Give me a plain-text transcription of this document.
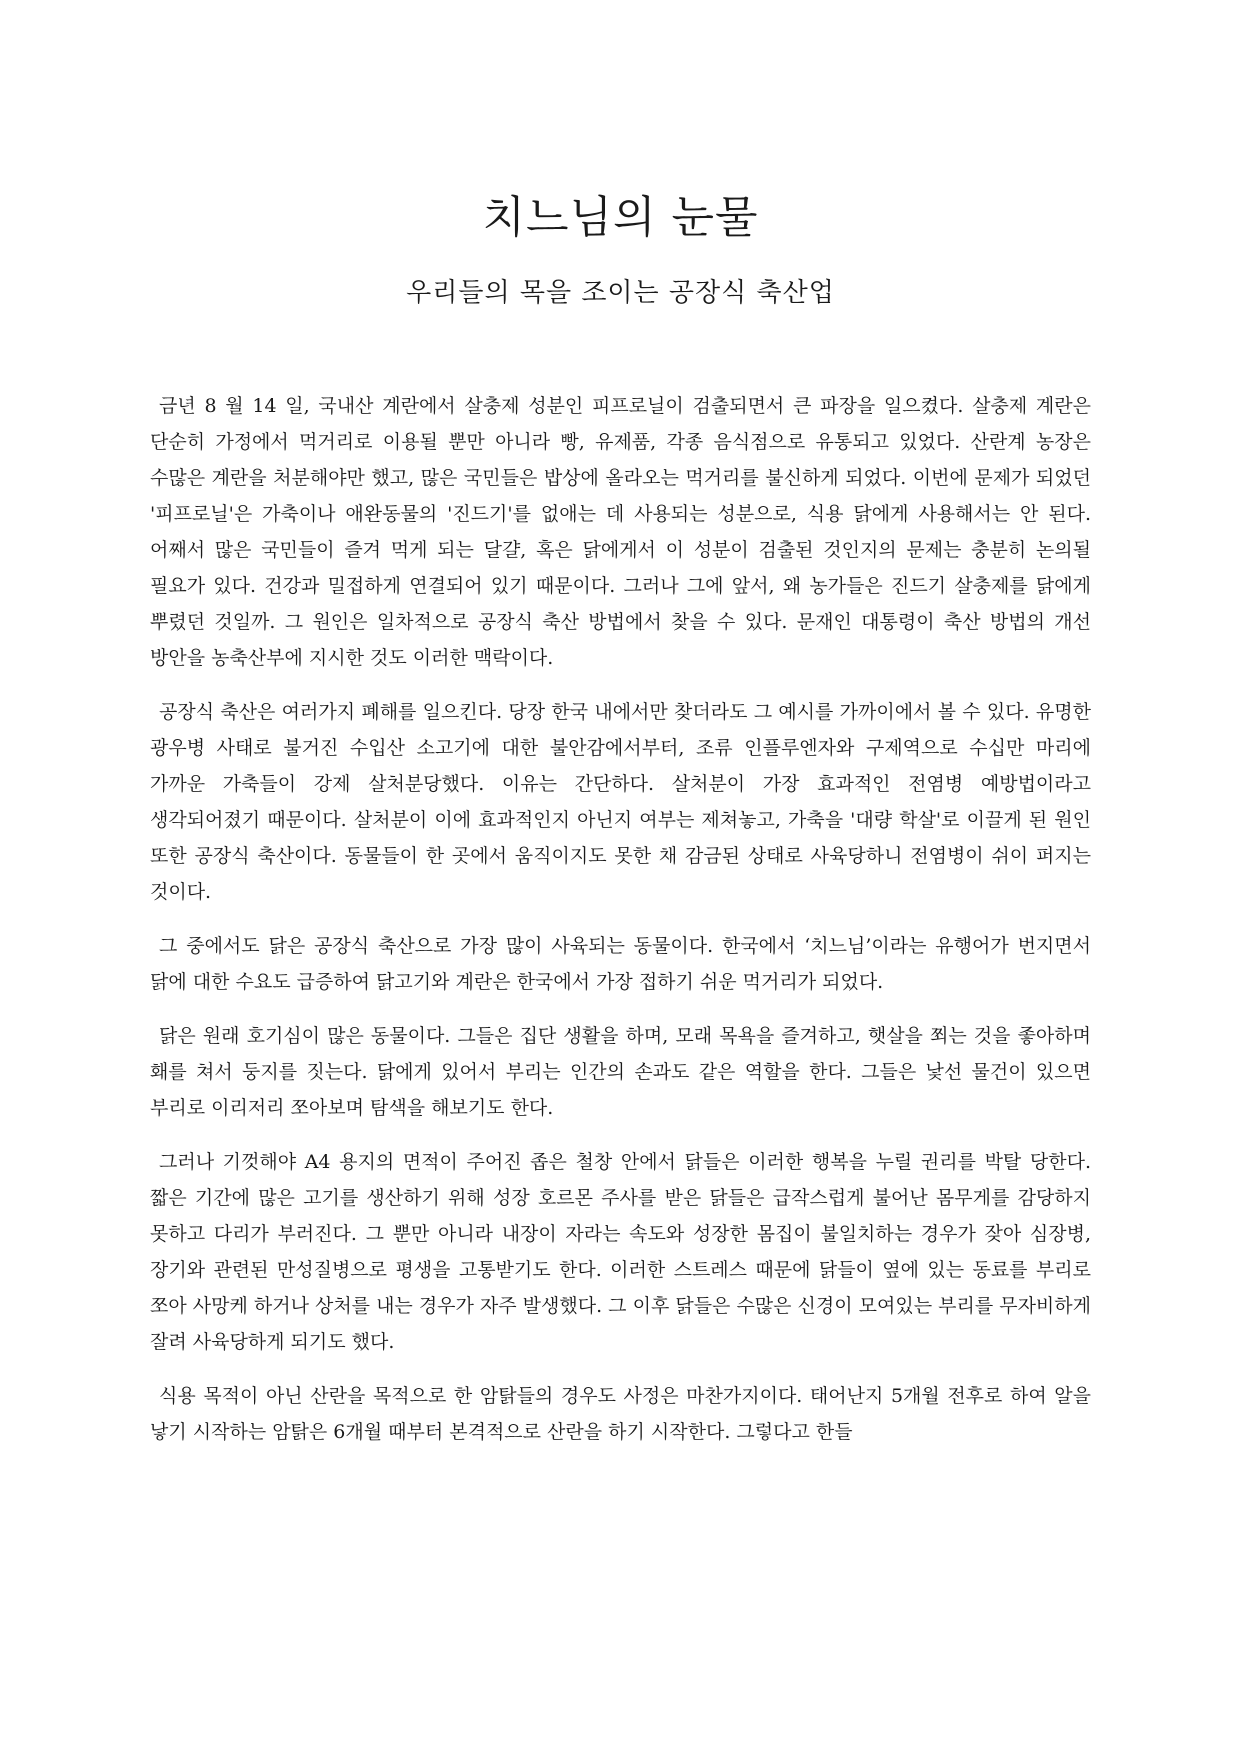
치느님의 눈물
우리들의 목을 조이는 공장식 축산업

금년 8 월 14 일, 국내산 계란에서 살충제 성분인 피프로닐이 검출되면서 큰 파장을 일으켰다. 살충제 계란은 단순히 가정에서 먹거리로 이용될 뿐만 아니라 빵, 유제품, 각종 음식점으로 유통되고 있었다. 산란계 농장은 수많은 계란을 처분해야만 했고, 많은 국민들은 밥상에 올라오는 먹거리를 불신하게 되었다. 이번에 문제가 되었던 '피프로닐'은 가축이나 애완동물의 '진드기'를 없애는 데 사용되는 성분으로, 식용 닭에게 사용해서는 안 된다. 어째서 많은 국민들이 즐겨 먹게 되는 달걀, 혹은 닭에게서 이 성분이 검출된 것인지의 문제는 충분히 논의될 필요가 있다. 건강과 밀접하게 연결되어 있기 때문이다. 그러나 그에 앞서, 왜 농가들은 진드기 살충제를 닭에게 뿌렸던 것일까. 그 원인은 일차적으로 공장식 축산 방법에서 찾을 수 있다. 문재인 대통령이 축산 방법의 개선 방안을 농축산부에 지시한 것도 이러한 맥락이다.

공장식 축산은 여러가지 폐해를 일으킨다. 당장 한국 내에서만 찾더라도 그 예시를 가까이에서 볼 수 있다. 유명한 광우병 사태로 불거진 수입산 소고기에 대한 불안감에서부터, 조류 인플루엔자와 구제역으로 수십만 마리에 가까운 가축들이 강제 살처분당했다. 이유는 간단하다. 살처분이 가장 효과적인 전염병 예방법이라고 생각되어졌기 때문이다. 살처분이 이에 효과적인지 아닌지 여부는 제쳐놓고, 가축을 '대량 학살'로 이끌게 된 원인 또한 공장식 축산이다. 동물들이 한 곳에서 움직이지도 못한 채 감금된 상태로 사육당하니 전염병이 쉬이 퍼지는 것이다.

그 중에서도 닭은 공장식 축산으로 가장 많이 사육되는 동물이다. 한국에서 ‘치느님’이라는 유행어가 번지면서 닭에 대한 수요도 급증하여 닭고기와 계란은 한국에서 가장 접하기 쉬운 먹거리가 되었다.

닭은 원래 호기심이 많은 동물이다. 그들은 집단 생활을 하며, 모래 목욕을 즐겨하고, 햇살을 쬐는 것을 좋아하며 홰를 쳐서 둥지를 짓는다. 닭에게 있어서 부리는 인간의 손과도 같은 역할을 한다. 그들은 낯선 물건이 있으면 부리로 이리저리 쪼아보며 탐색을 해보기도 한다.

그러나 기껏해야 A4 용지의 면적이 주어진 좁은 철창 안에서 닭들은 이러한 행복을 누릴 권리를 박탈 당한다. 짧은 기간에 많은 고기를 생산하기 위해 성장 호르몬 주사를 받은 닭들은 급작스럽게 불어난 몸무게를 감당하지 못하고 다리가 부러진다. 그 뿐만 아니라 내장이 자라는 속도와 성장한 몸집이 불일치하는 경우가 잦아 심장병, 장기와 관련된 만성질병으로 평생을 고통받기도 한다. 이러한 스트레스 때문에 닭들이 옆에 있는 동료를 부리로 쪼아 사망케 하거나 상처를 내는 경우가 자주 발생했다. 그 이후 닭들은 수많은 신경이 모여있는 부리를 무자비하게 잘려 사육당하게 되기도 했다.

식용 목적이 아닌 산란을 목적으로 한 암탉들의 경우도 사정은 마찬가지이다. 태어난지 5개월 전후로 하여 알을 낳기 시작하는 암탉은 6개월 때부터 본격적으로 산란을 하기 시작한다. 그렇다고 한들
